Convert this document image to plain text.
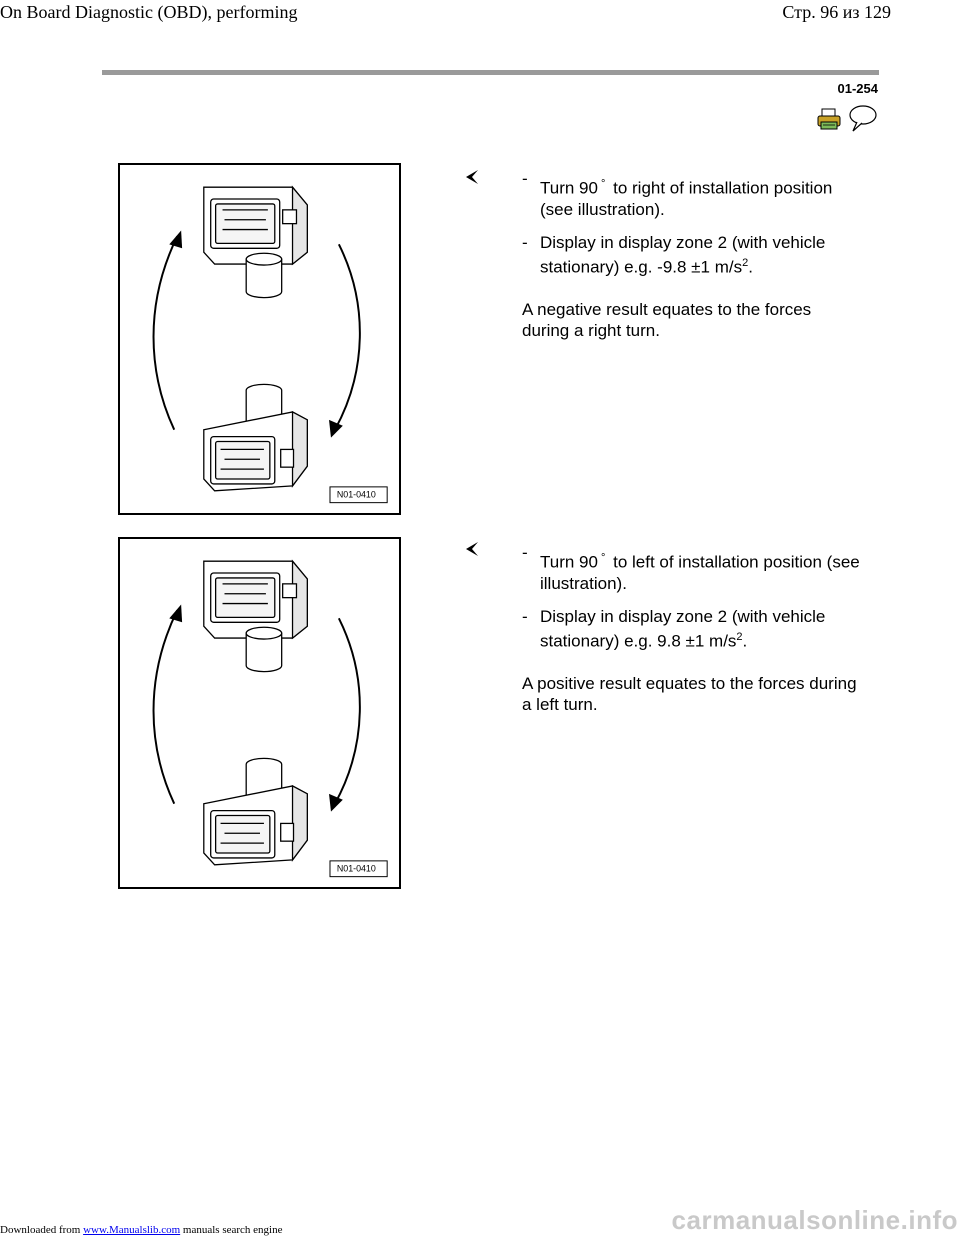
On Board Diagnostic (OBD), performing	Стр. 96 из 129
01-254
N01-0410
-
Turn 90 ° to right of installation position (see illustration).
- Display in display zone 2 (with vehicle stationary) e.g. -9.8 ±1 $m/s^2$.
A negative result equates to the forces during a right turn.
N01-0410
-
Turn 90 ° to left of installation position (see illustration).
- Display in display zone 2 (with vehicle stationary) e.g. 9.8 ±1 $m/s^2$.
A positive result equates to the forces during a left turn.
Downloaded from www.Manualslib.com manuals search engine	carmanualsonline.info
